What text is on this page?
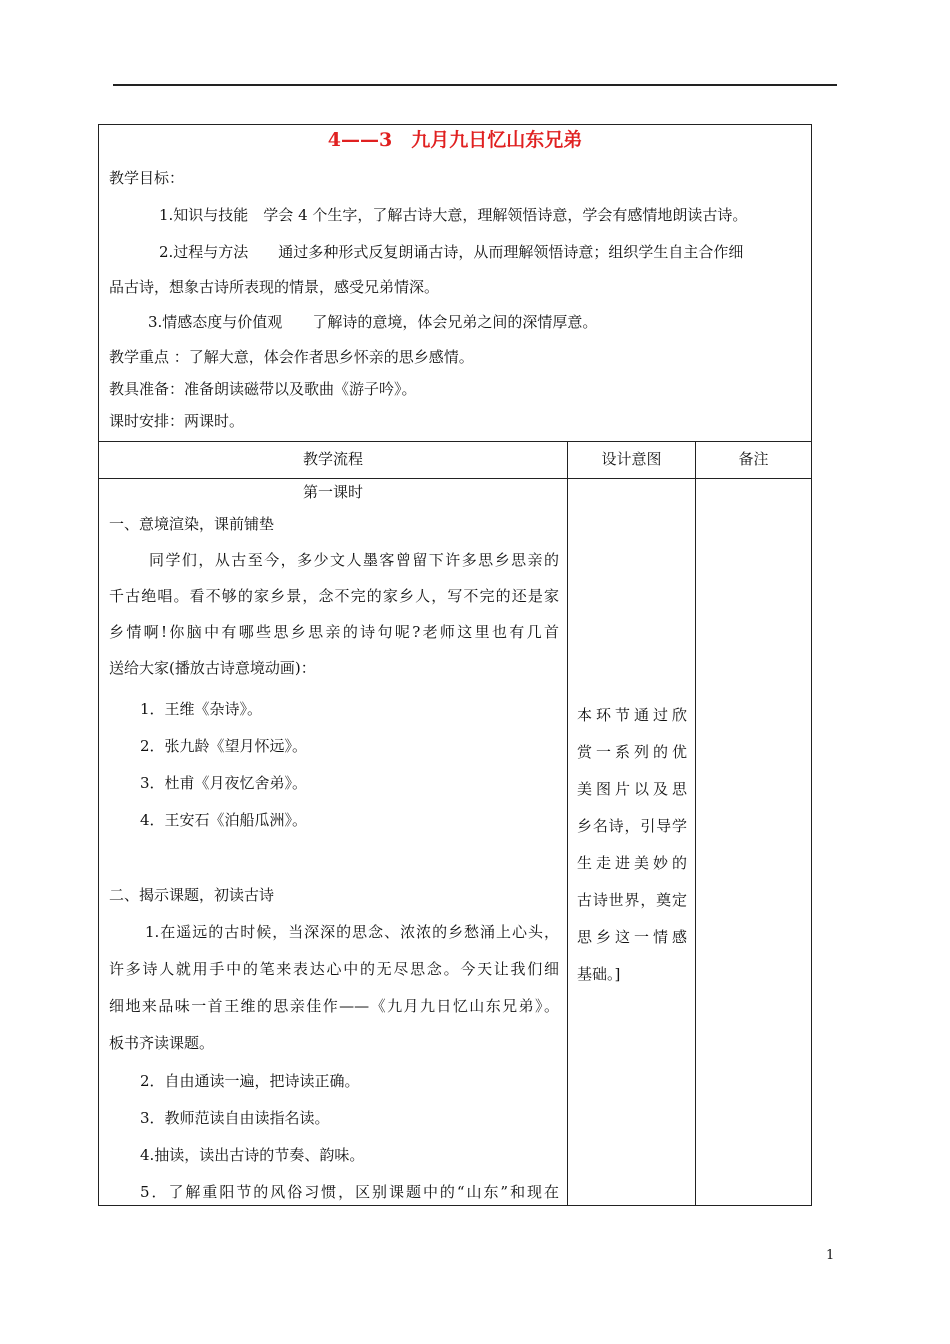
4——3　九月九日忆山东兄弟
教学目标：
1.知识与技能　学会 4 个生字，了解古诗大意，理解领悟诗意，学会有感情地朗读古诗。
2.过程与方法　　通过多种形式反复朗诵古诗，从而理解领悟诗意；组织学生自主合作细
品古诗，想象古诗所表现的情景，感受兄弟情深。
3.情感态度与价值观　　了解诗的意境，体会兄弟之间的深情厚意。
教学重点 ：了解大意，体会作者思乡怀亲的思乡感情。
教具准备：准备朗读磁带以及歌曲《游子吟》。
课时安排：两课时。
教学流程	设计意图	备注
第一课时
一、意境渲染，课前铺垫
同学们，从古至今，多少文人墨客曾留下许多思乡思亲的
千古绝唱。看不够的家乡景，念不完的家乡人，写不完的还是家
乡情啊!你脑中有哪些思乡思亲的诗句呢?老师这里也有几首
送给大家(播放古诗意境动画)：
1．王维《杂诗》。
2．张九龄《望月怀远》。
3．杜甫《月夜忆舍弟》。
4．王安石《泊船瓜洲》。
二、揭示课题，初读古诗
1.在遥远的古时候，当深深的思念、浓浓的乡愁涌上心头，
许多诗人就用手中的笔来表达心中的无尽思念。今天让我们细
细地来品味一首王维的思亲佳作——《九月九日忆山东兄弟》。
板书齐读课题。
2．自由通读一遍，把诗读正确。
3．教师范读自由读指名读。
4.抽读，读出古诗的节奏、韵味。
5．了解重阳节的风俗习惯，区别课题中的“山东”和现在
本环节通过欣
赏一系列的优
美图片以及思
乡名诗，引导学
生走进美妙的
古诗世界，奠定
思乡这一情感
基础。]
1
